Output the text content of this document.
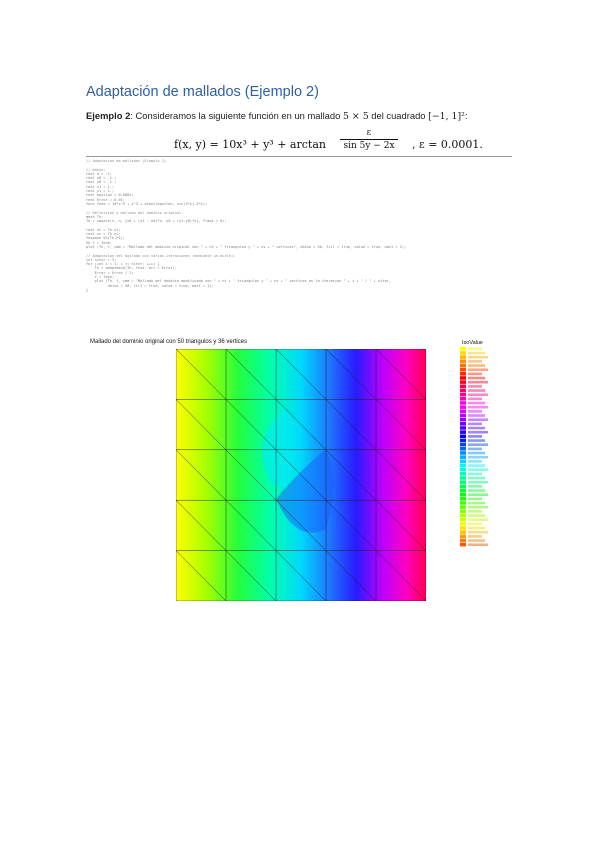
Adaptación de mallados (Ejemplo 2)
Ejemplo 2: Consideramos la siguiente función en un mallado 5 × 5 del cuadrado [−1, 1]²:
f(x, $y) = 10x^3 + y^3 + \arctan \frac{\varepsilon}{\sin 5y - 2x}$ , ε = 0.0001.
// Adaptacion de mallados (Ejemplo 2)

// Datos:
real a = -1;
real x0 = -1.;
real y0 = -1.;
real x1 = 1.;
real y1 = 1.;
real epsilon = 0.0001;
real Error = 0.01;
func fexe = 10*x^3 + y^3 + atan2(epsilon, sin(5*y)-2*x);

// Definicion y mallado del dominio original:
mesh Th;
Th = square(n, n, [x0 + (x1 - x0)*x, y0 + (y1-y0)*y], flags = 0);

real nt = Th.nt;
real nv = Th.nv;
fespace Vh(Th,P1);
Vh f = fexe;
plot (Th, f, cmm = "Mallado del dominio original con " + nt + " triangulos y " + nv + " vertices", nbiso = 50, fill = true, value = true, wait = 1);

// Adaptacion del mallado con varias iteraciones (mediante un bucle):
int niter = 3;
for (int i = 1; i <= niter; ++i) {
Th = adaptmesh(Th, fexe, err = Error);
Error = Error / 2;
f = fexe;
plot (Th, f, cmm = "Mallado del dominio modificado con " + nt + " triangulos y " + nv + " vertices en la iteracion " + i + " / " + niter,
nbiso = 50, fill = true, value = true, wait = 1);
}
Mallado del dominio original con 50 triangulos y 36 vertices	IsoValue
